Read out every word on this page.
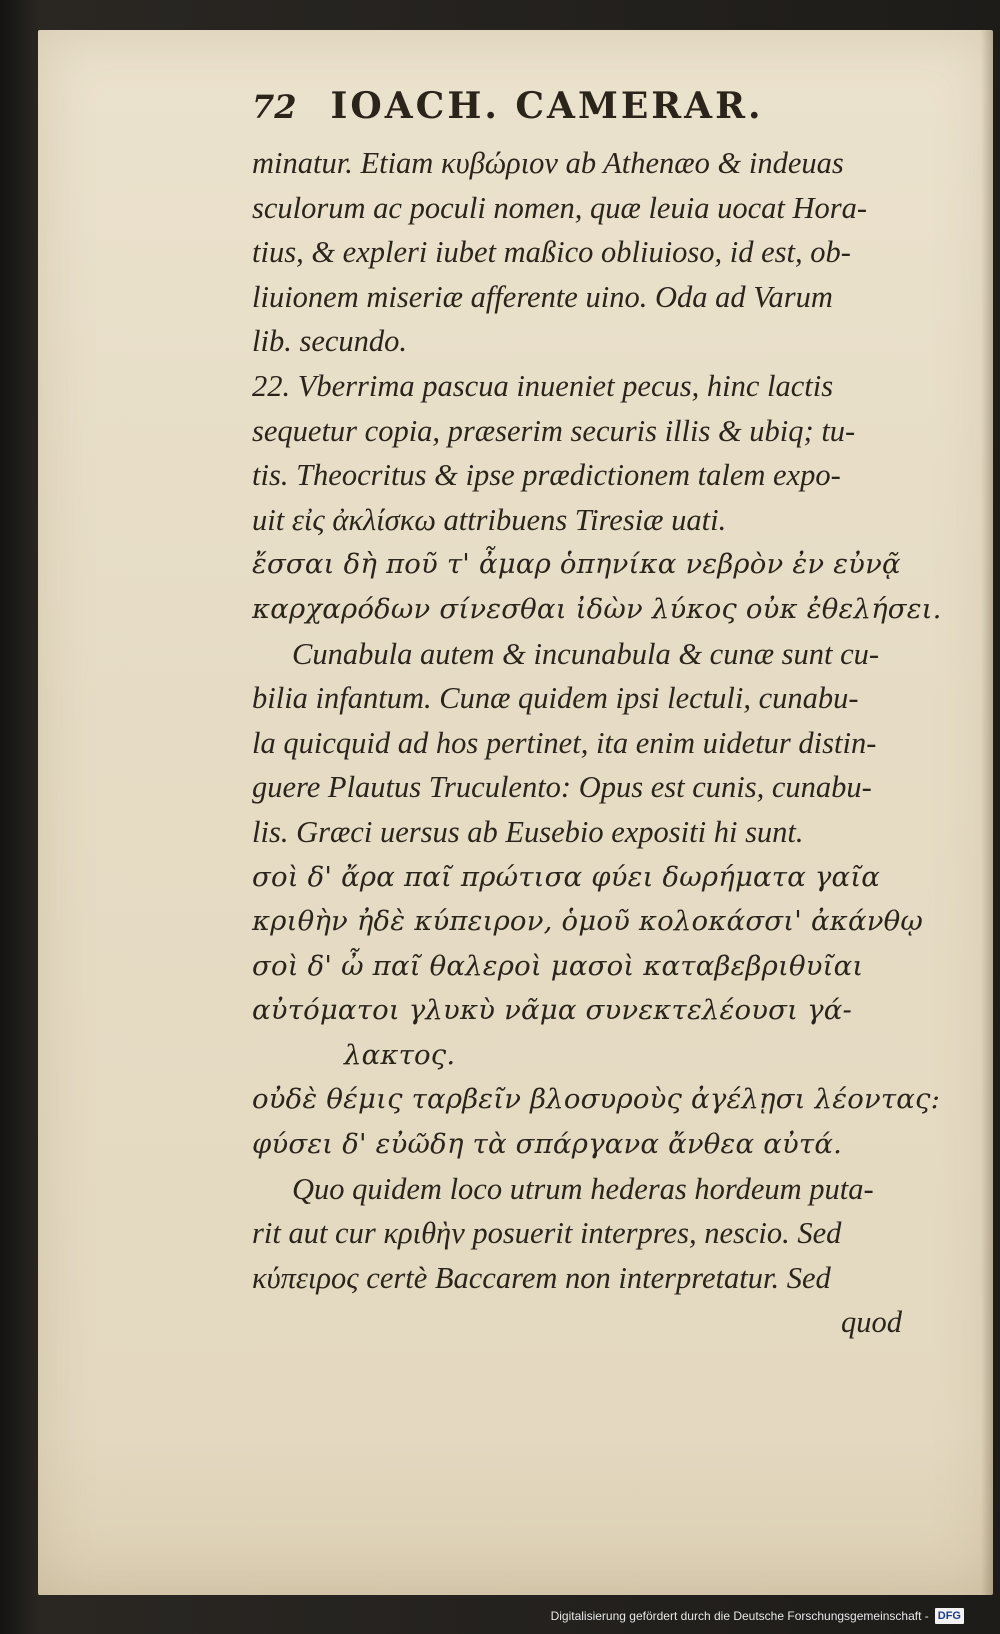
72 IOACH. CAMERAR.
minatur. Etiam κυβώριον ab Athenæo & indeuas
sculorum ac poculi nomen, quæ leuia uocat Hora-
tius, & expleri iubet maßico obliuioso, id est, ob-
liuionem miseriæ afferente uino. Oda ad Varum
lib. secundo.
22. Vberrima pascua inueniet pecus, hinc lactis
sequetur copia, præserim securis illis & ubiq; tu-
tis. Theocritus & ipse prædictionem talem expo-
uit εἰς ἀκλίσκω attribuens Tiresiæ uati.
ἔσσαι δὴ ποῦ τ' ἆμαρ ὁπηνίκα νεβρὸν ἐν εὐνᾷ
καρχαρόδων σίνεσθαι ἰδὼν λύκος οὐκ ἐθελήσει.
Cunabula autem & incunabula & cunæ sunt cu-
bilia infantum. Cunæ quidem ipsi lectuli, cunabu-
la quicquid ad hos pertinet, ita enim uidetur distin-
guere Plautus Truculento: Opus est cunis, cunabu-
lis. Græci uersus ab Eusebio expositi hi sunt.
σοὶ δ' ἄρα παῖ πρώτισα φύει δωρήματα γαῖα
κριθὴν ἠδὲ κύπειρον, ὁμοῦ κολοκάσσι' ἀκάνθῳ
σοὶ δ' ὦ παῖ θαλεροὶ μασοὶ καταβεβριθυῖαι
αὐτόματοι γλυκὺ νᾶμα συνεκτελέουσι γά-
λακτος.
οὐδὲ θέμις ταρβεῖν βλοσυροὺς ἀγέλῃσι λέοντας:
φύσει δ' εὐῶδη τὰ σπάργανα ἄνθεα αὐτά.
Quo quidem loco utrum hederas hordeum puta-
rit aut cur κριθὴν posuerit interpres, nescio. Sed
κύπειρος certè Baccarem non interpretatur. Sed
quod
Digitalisierung gefördert durch die Deutsche Forschungsgemeinschaft - DFG
